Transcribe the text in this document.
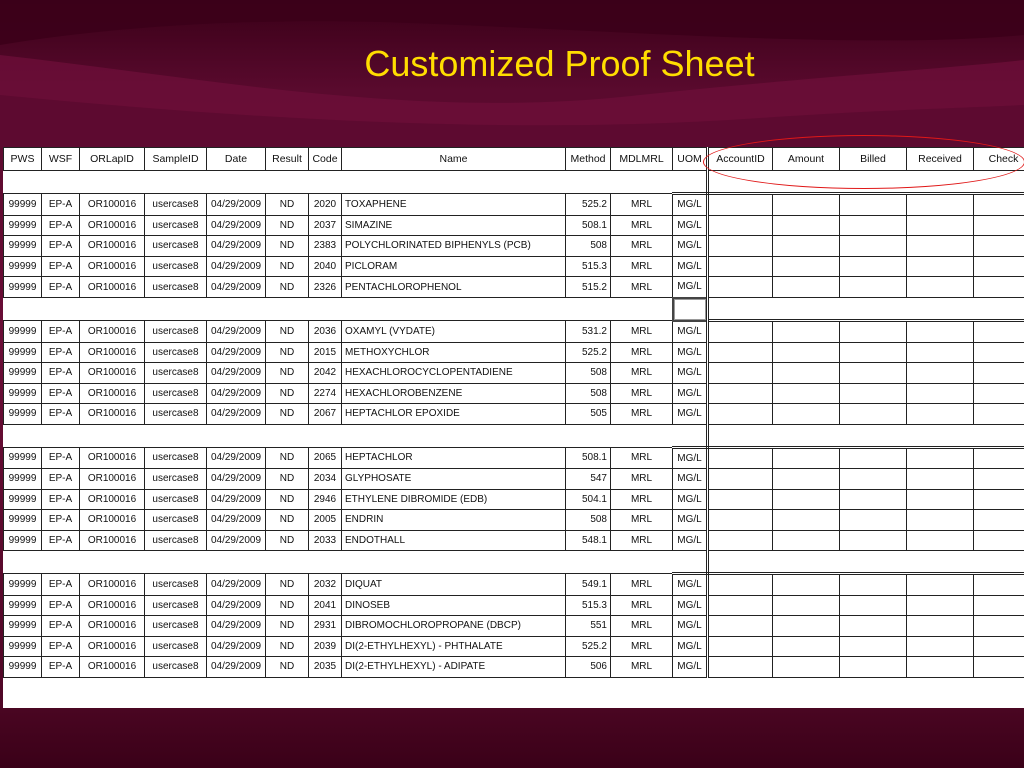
Customized Proof Sheet
PWS	WSF	ORLapID	SampleID	Date	Result	Code	Name	Method	MDLMRL	UOM	AccountID	Amount	Billed	Received	Check

99999	EP-A	OR100016	usercase8	04/29/2009	ND	2020	TOXAPHENE	525.2	MRL	MG/L					
99999	EP-A	OR100016	usercase8	04/29/2009	ND	2037	SIMAZINE	508.1	MRL	MG/L					
99999	EP-A	OR100016	usercase8	04/29/2009	ND	2383	POLYCHLORINATED BIPHENYLS (PCB)	508	MRL	MG/L					
99999	EP-A	OR100016	usercase8	04/29/2009	ND	2040	PICLORAM	515.3	MRL	MG/L					
99999	EP-A	OR100016	usercase8	04/29/2009	ND	2326	PENTACHLOROPHENOL	515.2	MRL	MG/L					

99999	EP-A	OR100016	usercase8	04/29/2009	ND	2036	OXAMYL (VYDATE)	531.2	MRL	MG/L					
99999	EP-A	OR100016	usercase8	04/29/2009	ND	2015	METHOXYCHLOR	525.2	MRL	MG/L					
99999	EP-A	OR100016	usercase8	04/29/2009	ND	2042	HEXACHLOROCYCLOPENTADIENE	508	MRL	MG/L					
99999	EP-A	OR100016	usercase8	04/29/2009	ND	2274	HEXACHLOROBENZENE	508	MRL	MG/L					
99999	EP-A	OR100016	usercase8	04/29/2009	ND	2067	HEPTACHLOR EPOXIDE	505	MRL	MG/L					

99999	EP-A	OR100016	usercase8	04/29/2009	ND	2065	HEPTACHLOR	508.1	MRL	MG/L					
99999	EP-A	OR100016	usercase8	04/29/2009	ND	2034	GLYPHOSATE	547	MRL	MG/L					
99999	EP-A	OR100016	usercase8	04/29/2009	ND	2946	ETHYLENE DIBROMIDE (EDB)	504.1	MRL	MG/L					
99999	EP-A	OR100016	usercase8	04/29/2009	ND	2005	ENDRIN	508	MRL	MG/L					
99999	EP-A	OR100016	usercase8	04/29/2009	ND	2033	ENDOTHALL	548.1	MRL	MG/L					

99999	EP-A	OR100016	usercase8	04/29/2009	ND	2032	DIQUAT	549.1	MRL	MG/L					
99999	EP-A	OR100016	usercase8	04/29/2009	ND	2041	DINOSEB	515.3	MRL	MG/L					
99999	EP-A	OR100016	usercase8	04/29/2009	ND	2931	DIBROMOCHLOROPROPANE (DBCP)	551	MRL	MG/L					
99999	EP-A	OR100016	usercase8	04/29/2009	ND	2039	DI(2-ETHYLHEXYL) - PHTHALATE	525.2	MRL	MG/L					
99999	EP-A	OR100016	usercase8	04/29/2009	ND	2035	DI(2-ETHYLHEXYL) - ADIPATE	506	MRL	MG/L					
